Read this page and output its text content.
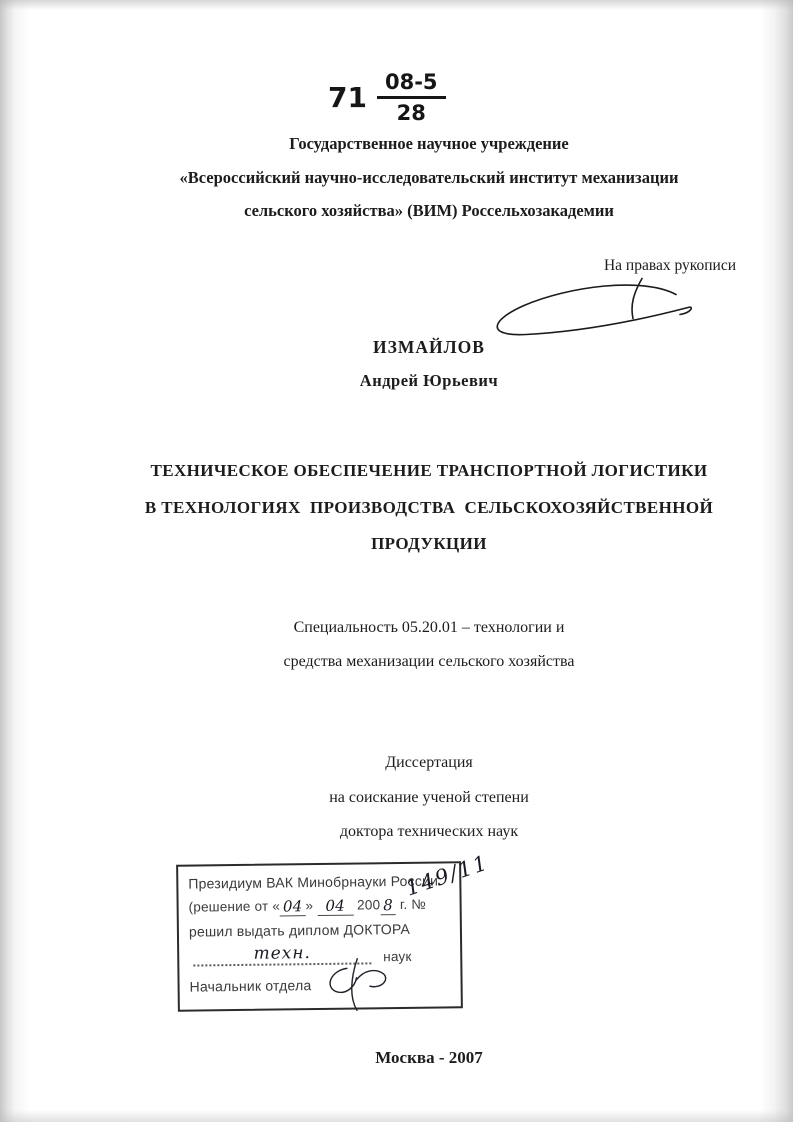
$71 \frac{08-5}{28}$
Государственное научное учреждение
«Всероссийский научно-исследовательский институт механизации
сельского хозяйства» (ВИМ) Россельхозакадемии
На правах рукописи
ИЗМАЙЛОВ
Андрей Юрьевич
ТЕХНИЧЕСКОЕ ОБЕСПЕЧЕНИЕ ТРАНСПОРТНОЙ ЛОГИСТИКИ
В ТЕХНОЛОГИЯХ  ПРОИЗВОДСТВА  СЕЛЬСКОХОЗЯЙСТВЕННОЙ
ПРОДУКЦИИ
Специальность 05.20.01 – технологии и
средства механизации сельского хозяйства
Диссертация
на соискание ученой степени
доктора технических наук
Москва - 2007
Президиум ВАК Минобрнауки России
(решение от « 04 » 04 200 8 г. №
149/11
решил выдать диплом ДОКТОРА
техн.	наук
Начальник отдела
